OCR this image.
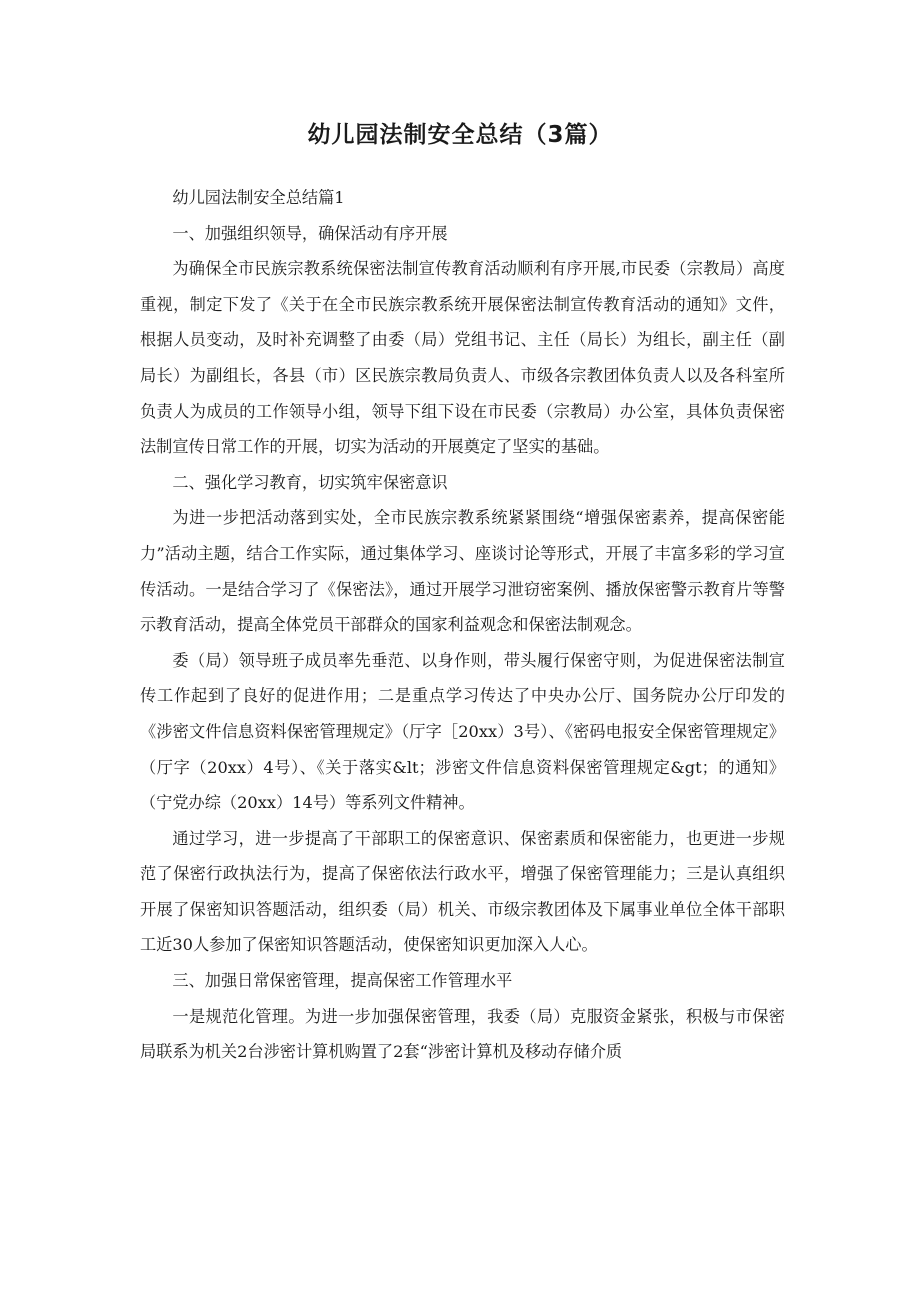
幼儿园法制安全总结（3篇）

幼儿园法制安全总结篇1

一、加强组织领导，确保活动有序开展

为确保全市民族宗教系统保密法制宣传教育活动顺利有序开展,市民委（宗教局）高度重视，制定下发了《关于在全市民族宗教系统开展保密法制宣传教育活动的通知》文件，根据人员变动，及时补充调整了由委（局）党组书记、主任（局长）为组长，副主任（副局长）为副组长，各县（市）区民族宗教局负责人、市级各宗教团体负责人以及各科室所负责人为成员的工作领导小组，领导下组下设在市民委（宗教局）办公室，具体负责保密法制宣传日常工作的开展，切实为活动的开展奠定了坚实的基础。

二、强化学习教育，切实筑牢保密意识

为进一步把活动落到实处，全市民族宗教系统紧紧围绕“增强保密素养，提高保密能力”活动主题，结合工作实际，通过集体学习、座谈讨论等形式，开展了丰富多彩的学习宣传活动。一是结合学习了《保密法》，通过开展学习泄窃密案例、播放保密警示教育片等警示教育活动，提高全体党员干部群众的国家利益观念和保密法制观念。

委（局）领导班子成员率先垂范、以身作则，带头履行保密守则，为促进保密法制宣传工作起到了良好的促进作用；二是重点学习传达了中央办公厅、国务院办公厅印发的《涉密文件信息资料保密管理规定》（厅字［20xx）3号）、《密码电报安全保密管理规定》（厅字（20xx）4号）、《关于落实&lt；涉密文件信息资料保密管理规定&gt；的通知》（宁党办综（20xx）14号）等系列文件精神。

通过学习，进一步提高了干部职工的保密意识、保密素质和保密能力，也更进一步规范了保密行政执法行为，提高了保密依法行政水平，增强了保密管理能力；三是认真组织开展了保密知识答题活动，组织委（局）机关、市级宗教团体及下属事业单位全体干部职工近30人参加了保密知识答题活动，使保密知识更加深入人心。

三、加强日常保密管理，提高保密工作管理水平

一是规范化管理。为进一步加强保密管理，我委（局）克服资金紧张，积极与市保密局联系为机关2台涉密计算机购置了2套“涉密计算机及移动存储介质
